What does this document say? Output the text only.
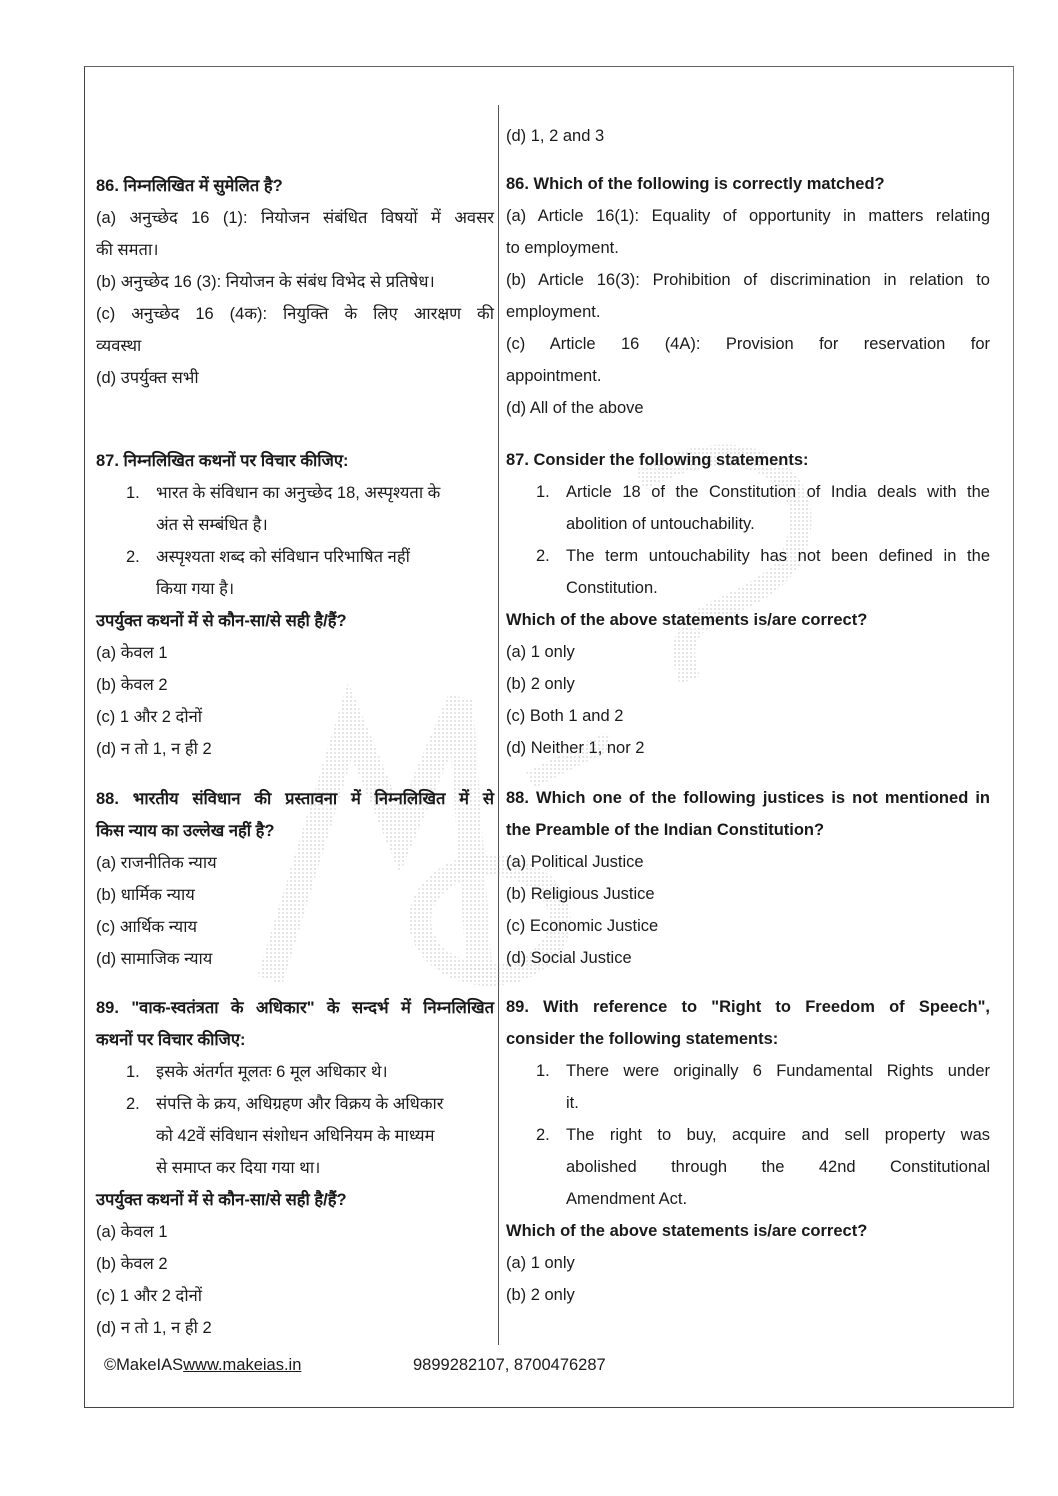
(d) 1, 2 and 3
86. निम्नलिखित में सुमेलित है?
(a) अनुच्छेद 16 (1): नियोजन संबंधित विषयों में अवसर
की समता।
(b) अनुच्छेद 16 (3): नियोजन के संबंध विभेद से प्रतिषेध।
(c) अनुच्छेद 16 (4क): नियुक्ति के लिए आरक्षण की
व्यवस्था
(d) उपर्युक्त सभी
87. निम्नलिखित कथनों पर विचार कीजिए:
1. भारत के संविधान का अनुच्छेद 18, अस्पृश्यता के
अंत से सम्बंधित है।
2. अस्पृश्यता शब्द को संविधान परिभाषित नहीं
किया गया है।
उपर्युक्त कथनों में से कौन-सा/से सही है/हैं?
(a) केवल 1
(b) केवल 2
(c) 1 और 2 दोनों
(d) न तो 1, न ही 2
88. भारतीय संविधान की प्रस्तावना में निम्नलिखित में से
किस न्याय का उल्लेख नहीं है?
(a) राजनीतिक न्याय
(b) धार्मिक न्याय
(c) आर्थिक न्याय
(d) सामाजिक न्याय
89. "वाक-स्वतंत्रता के अधिकार" के सन्दर्भ में निम्नलिखित
कथनों पर विचार कीजिए:
1. इसके अंतर्गत मूलतः 6 मूल अधिकार थे।
2. संपत्ति के क्रय, अधिग्रहण और विक्रय के अधिकार
को 42वें संविधान संशोधन अधिनियम के माध्यम
से समाप्त कर दिया गया था।
उपर्युक्त कथनों में से कौन-सा/से सही है/हैं?
(a) केवल 1
(b) केवल 2
(c) 1 और 2 दोनों
(d) न तो 1, न ही 2
86. Which of the following is correctly matched?
(a) Article 16(1): Equality of opportunity in matters relating
to employment.
(b) Article 16(3): Prohibition of discrimination in relation to
employment.
(c) Article 16 (4A): Provision for reservation for
appointment.
(d) All of the above
87. Consider the following statements:
1. Article 18 of the Constitution of India deals with the
abolition of untouchability.
2. The term untouchability has not been defined in the
Constitution.
Which of the above statements is/are correct?
(a) 1 only
(b) 2 only
(c) Both 1 and 2
(d) Neither 1, nor 2
88. Which one of the following justices is not mentioned in
the Preamble of the Indian Constitution?
(a) Political Justice
(b) Religious Justice
(c) Economic Justice
(d) Social Justice
89. With reference to "Right to Freedom of Speech",
consider the following statements:
1. There were originally 6 Fundamental Rights under
it.
2. The right to buy, acquire and sell property was
abolished through the 42nd Constitutional
Amendment Act.
Which of the above statements is/are correct?
(a) 1 only
(b) 2 only
©MakeIASwww.makeias.in	9899282107, 8700476287
